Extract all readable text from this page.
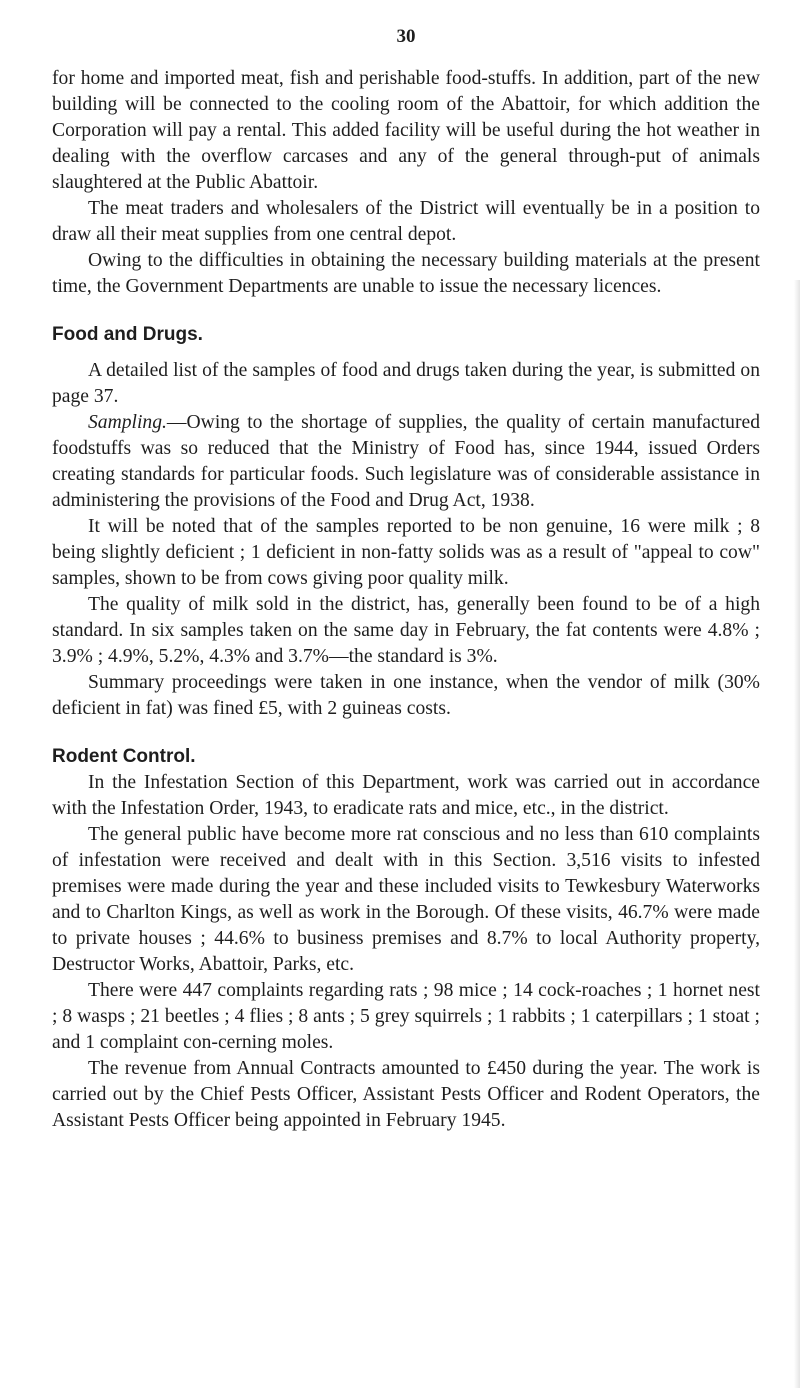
30

for home and imported meat, fish and perishable food-stuffs. In addition, part of the new building will be connected to the cooling room of the Abattoir, for which addition the Corporation will pay a rental. This added facility will be useful during the hot weather in dealing with the overflow carcases and any of the general through-put of animals slaughtered at the Public Abattoir.

The meat traders and wholesalers of the District will eventually be in a position to draw all their meat supplies from one central depot.

Owing to the difficulties in obtaining the necessary building materials at the present time, the Government Departments are unable to issue the necessary licences.

Food and Drugs.

A detailed list of the samples of food and drugs taken during the year, is submitted on page 37.

Sampling.—Owing to the shortage of supplies, the quality of certain manufactured foodstuffs was so reduced that the Ministry of Food has, since 1944, issued Orders creating standards for particular foods. Such legislature was of considerable assistance in administering the provisions of the Food and Drug Act, 1938.

It will be noted that of the samples reported to be non genuine, 16 were milk ; 8 being slightly deficient ; 1 deficient in non-fatty solids was as a result of "appeal to cow" samples, shown to be from cows giving poor quality milk.

The quality of milk sold in the district, has, generally been found to be of a high standard. In six samples taken on the same day in February, the fat contents were 4.8% ; 3.9% ; 4.9%, 5.2%, 4.3% and 3.7%—the standard is 3%.

Summary proceedings were taken in one instance, when the vendor of milk (30% deficient in fat) was fined £5, with 2 guineas costs.

Rodent Control.

In the Infestation Section of this Department, work was carried out in accordance with the Infestation Order, 1943, to eradicate rats and mice, etc., in the district.

The general public have become more rat conscious and no less than 610 complaints of infestation were received and dealt with in this Section. 3,516 visits to infested premises were made during the year and these included visits to Tewkesbury Waterworks and to Charlton Kings, as well as work in the Borough. Of these visits, 46.7% were made to private houses ; 44.6% to business premises and 8.7% to local Authority property, Destructor Works, Abattoir, Parks, etc.

There were 447 complaints regarding rats ; 98 mice ; 14 cock-roaches ; 1 hornet nest ; 8 wasps ; 21 beetles ; 4 flies ; 8 ants ; 5 grey squirrels ; 1 rabbits ; 1 caterpillars ; 1 stoat ; and 1 complaint con-cerning moles.

The revenue from Annual Contracts amounted to £450 during the year. The work is carried out by the Chief Pests Officer, Assistant Pests Officer and Rodent Operators, the Assistant Pests Officer being appointed in February 1945.
